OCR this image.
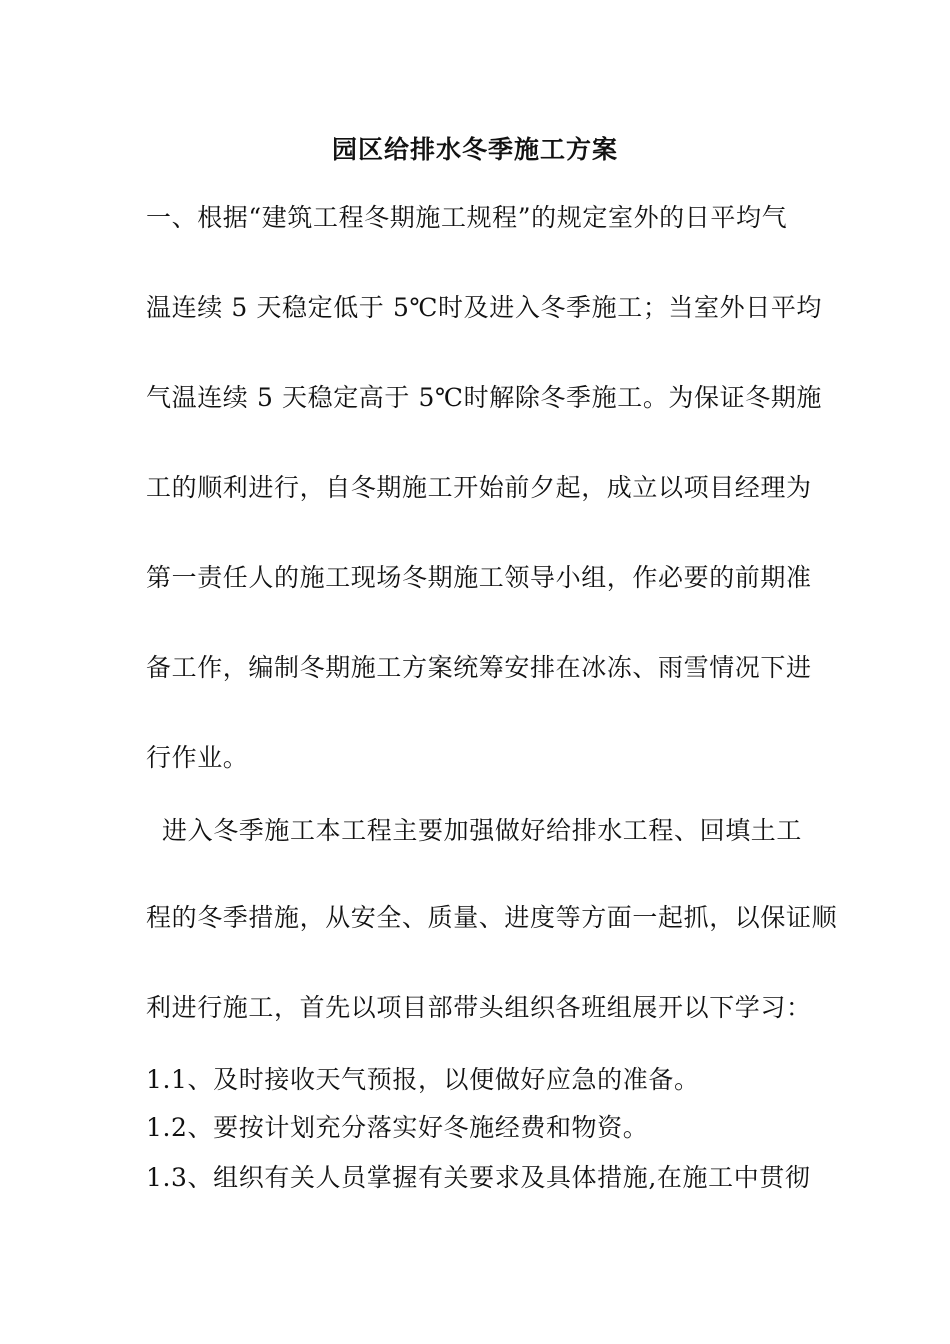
园区给排水冬季施工方案
一、根据“建筑工程冬期施工规程”的规定室外的日平均气
温连续 5 天稳定低于 5℃时及进入冬季施工；当室外日平均
气温连续 5 天稳定高于 5℃时解除冬季施工。为保证冬期施
工的顺利进行，自冬期施工开始前夕起，成立以项目经理为
第一责任人的施工现场冬期施工领导小组，作必要的前期准
备工作，编制冬期施工方案统筹安排在冰冻、雨雪情况下进
行作业。
进入冬季施工本工程主要加强做好给排水工程、回填土工
程的冬季措施，从安全、质量、进度等方面一起抓，以保证顺
利进行施工，首先以项目部带头组织各班组展开以下学习：
1.1、及时接收天气预报，以便做好应急的准备。
1.2、要按计划充分落实好冬施经费和物资。
1.3、组织有关人员掌握有关要求及具体措施,在施工中贯彻
